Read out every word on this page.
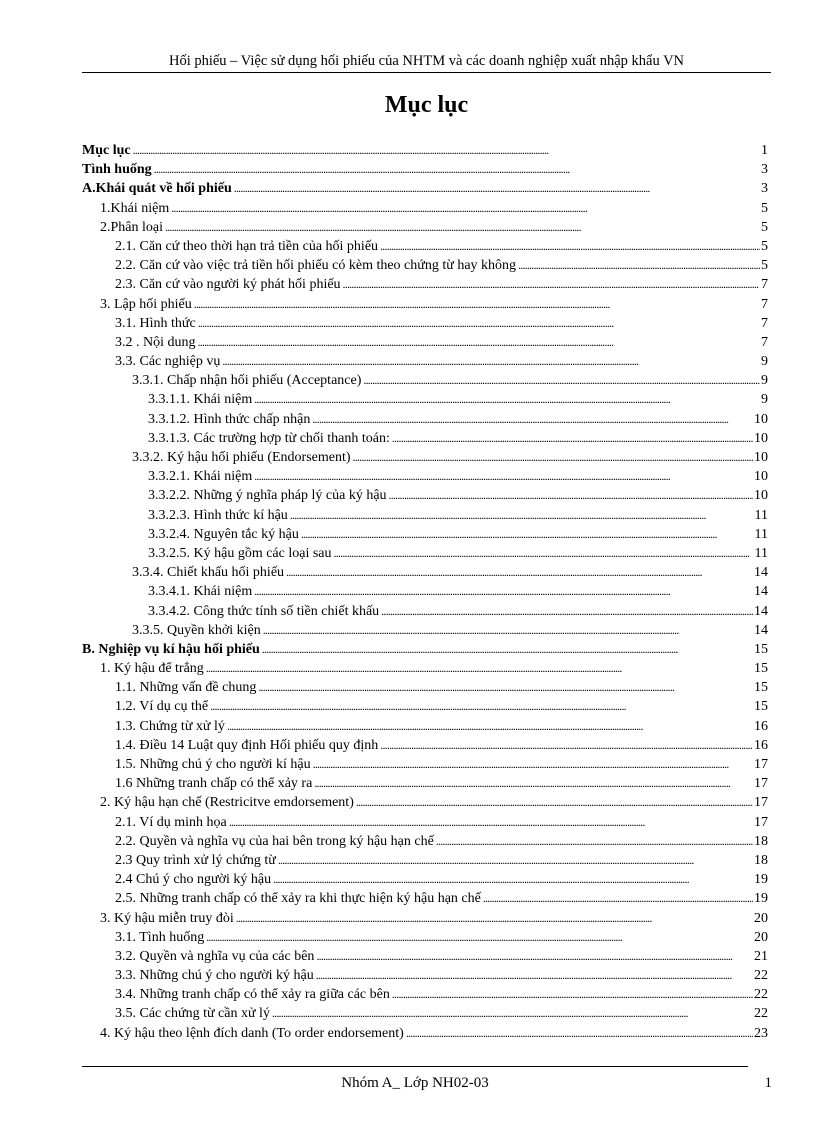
Hối phiếu – Việc sử dụng hối phiếu của NHTM và các doanh nghiệp xuất nhập khẩu VN
Mục lục
Mục lục . . .	1
Tình huống . . .	3
A.Khái quát về hối phiếu . . .	3
1.Khái niệm . . .	5
2.Phân loại . . .	5
2.1. Căn cứ theo thời hạn trả tiền của hối phiếu . . .	5
2.2. Căn cứ vào việc trả tiền hối phiếu có kèm theo chứng từ hay không . . .	5
2.3. Căn cứ vào người ký phát hối phiếu . . .	7
3. Lập hối phiếu . . .	7
3.1. Hình thức . . .	7
3.2 . Nội dung . . .	7
3.3. Các nghiệp vụ . . .	9
3.3.1. Chấp nhận hối phiếu (Acceptance) . . .	9
3.3.1.1. Khái niệm . . .	9
3.3.1.2. Hình thức chấp nhận . . .	10
3.3.1.3. Các trường hợp từ chối thanh toán: . . .	10
3.3.2. Ký hậu hối phiếu (Endorsement) . . .	10
3.3.2.1. Khái niệm . . .	10
3.3.2.2. Những ý nghĩa pháp lý của ký hậu . . .	10
3.3.2.3. Hình thức kí hậu . . .	11
3.3.2.4. Nguyên tắc ký hậu . . .	11
3.3.2.5. Ký hậu gồm các loại sau . . .	11
3.3.4. Chiết khấu hối phiếu . . .	14
3.3.4.1. Khái niệm . . .	14
3.3.4.2. Công thức tính số tiền chiết khấu . . .	14
3.3.5. Quyền khởi kiện . . .	14
B. Nghiệp vụ kí hậu hối phiếu . . .	15
1. Ký hậu để trắng . . .	15
1.1. Những vấn đề chung . . .	15
1.2. Ví dụ cụ thể . . .	15
1.3. Chứng từ xử lý . . .	16
1.4. Điều 14 Luật quy định Hối phiếu quy định . . .	16
1.5. Những chú ý cho người kí hậu . . .	17
1.6 Những tranh chấp có thể xảy ra . . .	17
2. Ký hậu hạn chế (Restricitve emdorsement) . . .	17
2.1. Ví dụ minh họa . . .	17
2.2. Quyền và nghĩa vụ của hai bên trong ký hậu hạn chế . . .	18
2.3 Quy trình xử lý chứng từ . . .	18
2.4 Chú ý cho người ký hậu . . .	19
2.5. Những tranh chấp có thể xảy ra khi thực hiện ký hậu hạn chế . . .	19
3. Ký hậu miễn truy đòi . . .	20
3.1. Tình huống . . .	20
3.2. Quyền và nghĩa vụ của các bên . . .	21
3.3. Những chú ý cho người ký hậu . . .	22
3.4. Những tranh chấp có thể xảy ra giữa các bên . . .	22
3.5. Các chứng từ cần xử lý . . .	22
4. Ký hậu theo lệnh đích danh (To order endorsement) . . .	23
Nhóm A_ Lớp NH02-03	1
